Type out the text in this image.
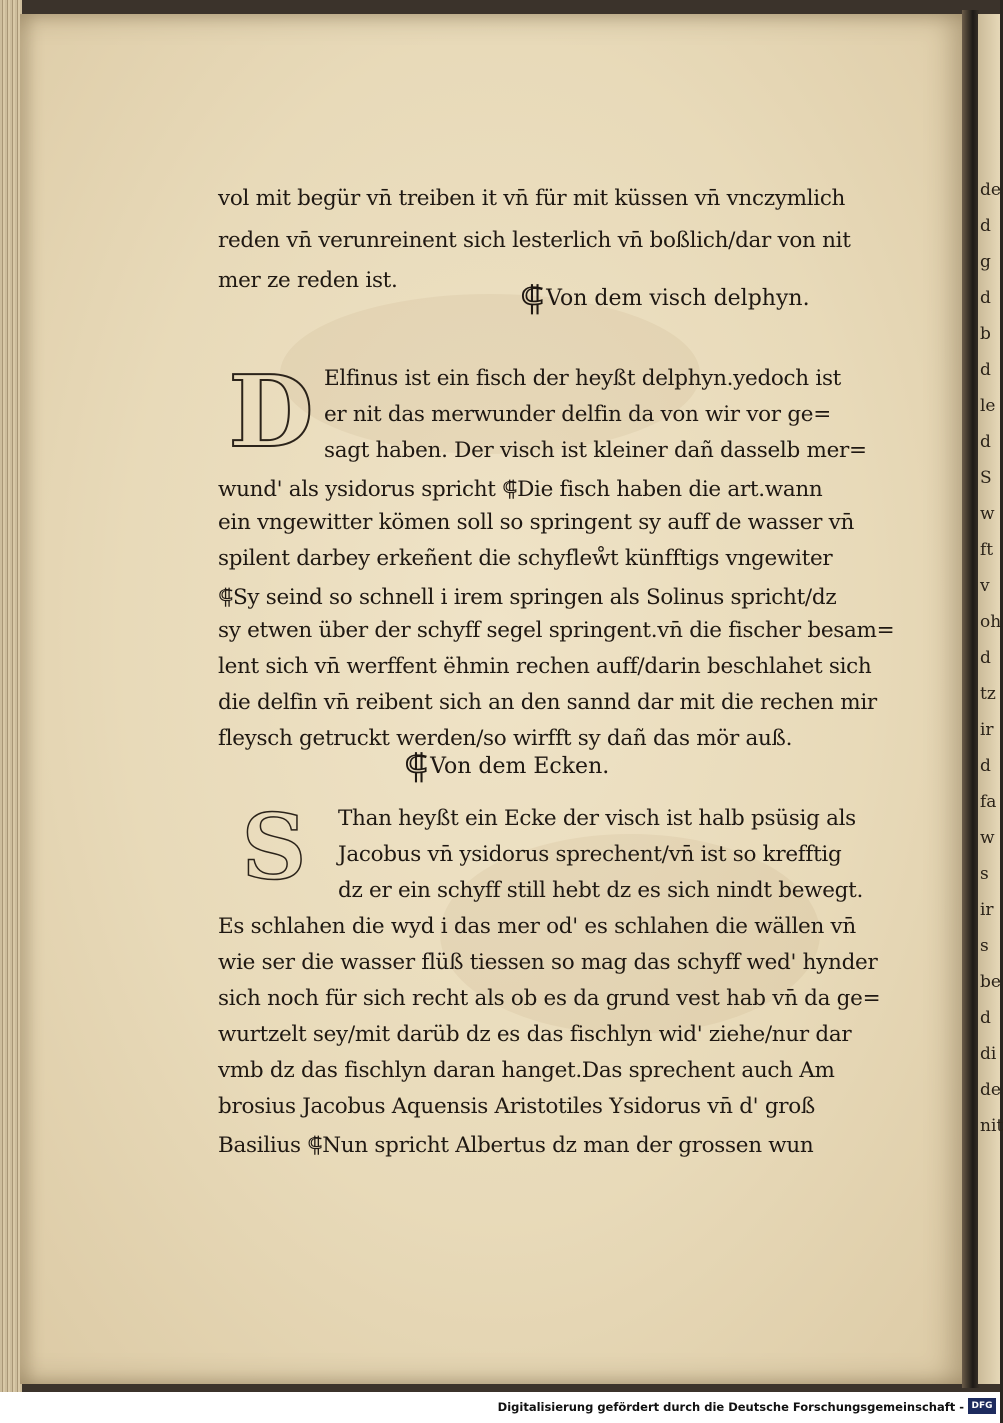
vol mit begür vn̄ treiben it vn̄ für mit küssen vn̄ vnczymlich
reden vn̄ verunreinent sich lesterlich vn̄ boßlich/dar von nit
mer ze reden ist.	⸿Von dem visch delphyn.
D Elfinus ist ein fisch der heyßt delphyn.yedoch ist
er nit das merwunder delfin da von wir vor ge=
sagt haben. Der visch ist kleiner dañ dasselb mer=
wund' als ysidorus spricht ⸿Die fisch haben die art.wann
ein vngewitter kömen soll so springent sy auff de wasser vn̄
spilent darbey erkeñent die schyfleẘt künfftigs vngewiter
⸿Sy seind so schnell i irem springen als Solinus spricht/dz
sy etwen über der schyff segel springent.vn̄ die fischer besam=
lent sich vn̄ werffent ëhmin rechen auff/darin beschlahet sich
die delfin vn̄ reibent sich an den sannd dar mit die rechen mir
fleysch getruckt werden/so wirfft sy dañ das mör auß.
⸿Von dem Ecken.
S	Than heyßt ein Ecke der visch ist halb psüsig als
Jacobus vn̄ ysidorus sprechent/vn̄ ist so krefftig
dz er ein schyff still hebt dz es sich nindt bewegt.
Es schlahen die wyd i das mer od' es schlahen die wällen vn̄
wie ser die wasser flüß tiessen so mag das schyff wed' hynder
sich noch für sich recht als ob es da grund vest hab vn̄ da ge=
wurtzelt sey/mit darüb dz es das fischlyn wid' ziehe/nur dar
vmb dz das fischlyn daran hanget.Das sprechent auch Am
brosius Jacobus Aquensis Aristotiles Ysidorus vn̄ d' groß
Basilius ⸿Nun spricht Albertus dz man der grossen wun
de
d
g
d
b
d
le
d
S
w
ft
v
oh
d
tz
ir
d
fa
w
s
ir
s
be
d
di
de
nit
Digitalisierung gefördert durch die Deutsche Forschungsgemeinschaft - DFG
